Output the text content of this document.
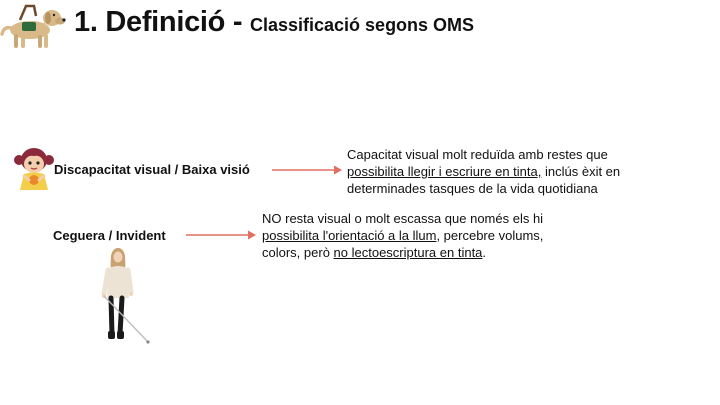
1. Definició - Classificació segons OMS
Discapacitat visual / Baixa visió
Capacitat visual molt reduïda amb restes que
possibilita llegir i escriure en tinta, inclús èxit en
determinades tasques de la vida quotidiana
Ceguera / Invident
NO resta visual o molt escassa que només els hi
possibilita l'orientació a la llum, percebre volums,
colors, però no lectoescriptura en tinta.
